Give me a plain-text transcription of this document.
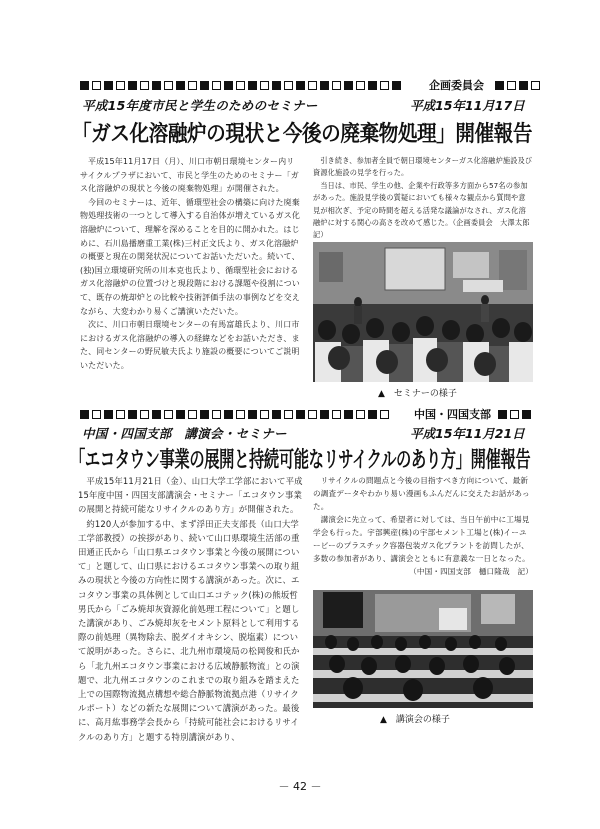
企画委員会
平成15年度市民と学生のためのセミナー	平成15年11月17日
「ガス化溶融炉の現状と今後の廃棄物処理」開催報告

平成15年11月17日（月）、川口市朝日環境センター内リサイクルプラザにおいて、市民と学生のためのセミナー「ガス化溶融炉の現状と今後の廃棄物処理」が開催された。

今回のセミナーは、近年、循環型社会の構築に向けた廃棄物処理技術の一つとして導入する自治体が増えているガス化溶融炉について、理解を深めることを目的に開かれた。はじめに、石川島播磨重工業(株)三村正文氏より、ガス化溶融炉の概要と現在の開発状況についてお話いただいた。続いて、(独)国立環境研究所の川本克也氏より、循環型社会におけるガス化溶融炉の位置づけと現段階における課題や役割について、既存の焼却炉との比較や技術評価手法の事例などを交えながら、大変わかり易くご講演いただいた。

次に、川口市朝日環境センターの有馬富雄氏より、川口市におけるガス化溶融炉の導入の経緯などをお話いただき、また、同センターの野尻敏夫氏より施設の概要についてご説明いただいた。

引き続き、参加者全員で朝日環境センターガス化溶融炉施設及び資源化施設の見学を行った。

当日は、市民、学生の他、企業や行政等多方面から57名の参加があった。施設見学後の質疑においても様々な観点から質問や意見が相次ぎ、予定の時間を超える活発な議論がなされ、ガス化溶融炉に対する関心の高さを改めて感じた。（企画委員会　大澤太郎　記）

▲　セミナーの様子
中国・四国支部
中国・四国支部　講演会・セミナー	平成15年11月21日
「エコタウン事業の展開と持続可能なリサイクルのあり方」開催報告

平成15年11月21日（金）、山口大学工学部において平成15年度中国・四国支部講演会・セミナー「エコタウン事業の展開と持続可能なリサイクルのあり方」が開催された。

約120人が参加する中、まず浮田正夫支部長（山口大学工学部教授）の挨拶があり、続いて山口県環境生活部の重田通正氏から「山口県エコタウン事業と今後の展開について」と題して、山口県におけるエコタウン事業への取り組みの現状と今後の方向性に関する講演があった。次に、エコタウン事業の具体例として山口エコテック(株)の熊坂哲男氏から「ごみ焼却灰資源化前処理工程について」と題した講演があり、ごみ焼却灰をセメント原料として利用する際の前処理（異物除去、脱ダイオキシン、脱塩素）について説明があった。さらに、北九州市環境局の松岡俊和氏から「北九州エコタウン事業における広域静脈物流」との演題で、北九州エコタウンのこれまでの取り組みを踏まえた上での国際物流拠点構想や総合静脈物流拠点港（リサイクルポート）などの新たな展開について講演があった。最後に、高月紘事務学会長から「持続可能社会におけるリサイクルのあり方」と題する特別講演があり、

リサイクルの問題点と今後の目指すべき方向について、最新の調査データやわかり易い漫画もふんだんに交えたお話があった。

講演会に先立って、希望者に対しては、当日午前中に工場見学会も行った。宇部興産(株)の宇部セメント工場と(株)イーユービーのプラスチック容器包装ガス化プラントを訪問したが、多数の参加者があり、講演会とともに有意義な一日となった。

（中国・四国支部　樋口隆哉　記）
▲　講演会の様子
－ 42 －
